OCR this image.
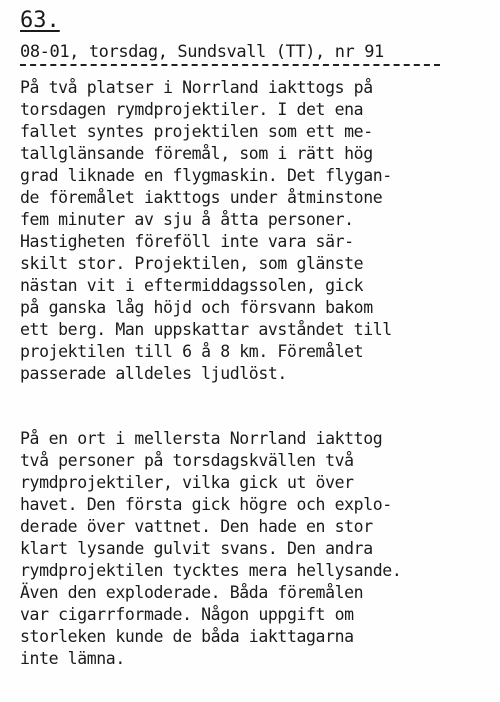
63.
08-01, torsdag, Sundsvall (TT), nr 91
På två platser i Norrland iakttogs på
torsdagen rymdprojektiler. I det ena
fallet syntes projektilen som ett me-
tallglänsande föremål, som i rätt hög
grad liknade en flygmaskin. Det flygan-
de föremålet iakttogs under åtminstone
fem minuter av sju å åtta personer.
Hastigheten föreföll inte vara sär-
skilt stor. Projektilen, som glänste
nästan vit i eftermiddagssolen, gick
på ganska låg höjd och försvann bakom
ett berg. Man uppskattar avståndet till
projektilen till 6 å 8 km. Föremålet
passerade alldeles ljudlöst.
På en ort i mellersta Norrland iakttog
två personer på torsdagskvällen två
rymdprojektiler, vilka gick ut över
havet. Den första gick högre och explo-
derade över vattnet. Den hade en stor
klart lysande gulvit svans. Den andra
rymdprojektilen tycktes mera hellysande.
Även den exploderade. Båda föremålen
var cigarrformade. Någon uppgift om
storleken kunde de båda iakttagarna
inte lämna.
